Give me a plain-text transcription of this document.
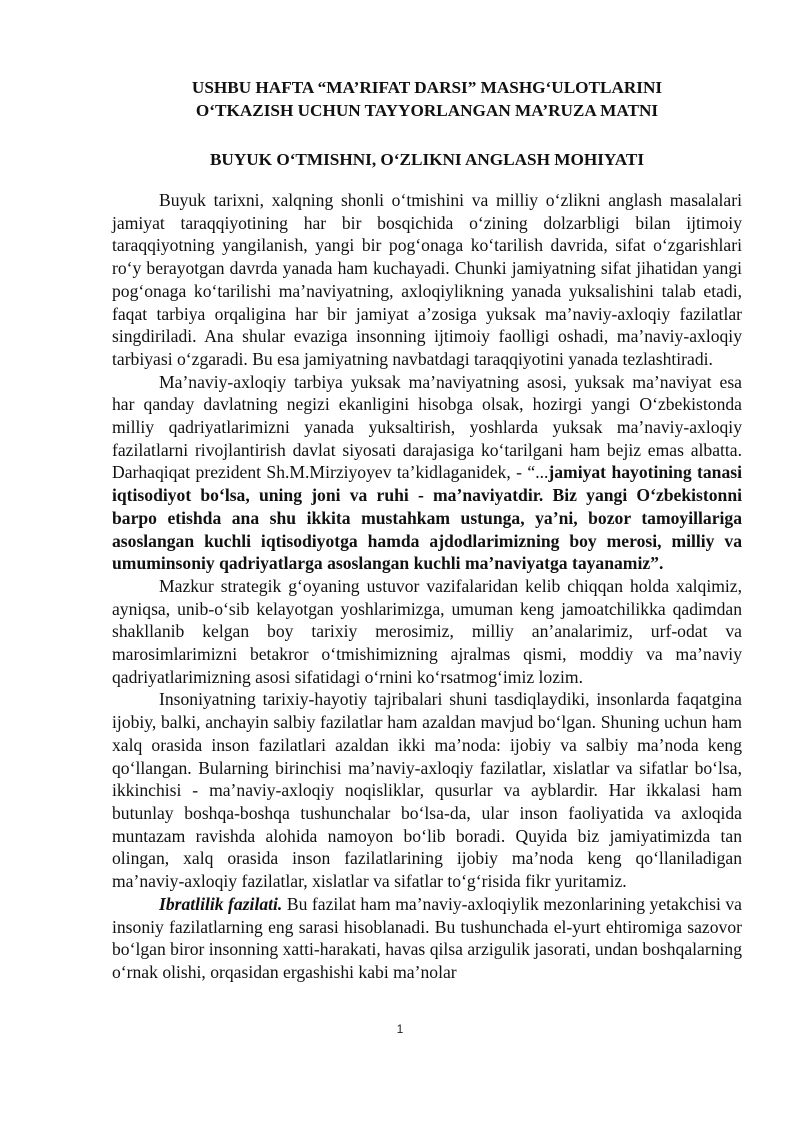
USHBU HAFTA “MA’RIFAT DARSI” MASHG‘ULOTLARINI
O‘TKAZISH UCHUN TAYYORLANGAN MA’RUZA MATNI
BUYUK O‘TMISHNI, O‘ZLIKNI ANGLASH MOHIYATI

Buyuk tarixni, xalqning shonli o‘tmishini va milliy o‘zlikni anglash masalalari jamiyat taraqqiyotining har bir bosqichida o‘zining dolzarbligi bilan ijtimoiy taraqqiyotning yangilanish, yangi bir pog‘onaga ko‘tarilish davrida, sifat o‘zgarishlari ro‘y berayotgan davrda yanada ham kuchayadi. Chunki jamiyatning sifat jihatidan yangi pog‘onaga ko‘tarilishi ma’naviyatning, axloqiylikning yanada yuksalishini talab etadi, faqat tarbiya orqaligina har bir jamiyat a’zosiga yuksak ma’naviy-axloqiy fazilatlar singdiriladi. Ana shular evaziga insonning ijtimoiy faolligi oshadi, ma’naviy-axloqiy tarbiyasi o‘zgaradi. Bu esa jamiyatning navbatdagi taraqqiyotini yanada tezlashtiradi.

Ma’naviy-axloqiy tarbiya yuksak ma’naviyatning asosi, yuksak ma’naviyat esa har qanday davlatning negizi ekanligini hisobga olsak, hozirgi yangi O‘zbekistonda milliy qadriyatlarimizni yanada yuksaltirish, yoshlarda yuksak ma’naviy-axloqiy fazilatlarni rivojlantirish davlat siyosati darajasiga ko‘tarilgani ham bejiz emas albatta. Darhaqiqat prezident Sh.M.Mirziyoyev ta’kidlaganidek, - “...jamiyat hayotining tanasi iqtisodiyot bo‘lsa, uning joni va ruhi - ma’naviyatdir. Biz yangi O‘zbekistonni barpo etishda ana shu ikkita mustahkam ustunga, ya’ni, bozor tamoyillariga asoslangan kuchli iqtisodiyotga hamda ajdodlarimizning boy merosi, milliy va umuminsoniy qadriyatlarga asoslangan kuchli ma’naviyatga tayanamiz”.

Mazkur strategik g‘oyaning ustuvor vazifalaridan kelib chiqqan holda xalqimiz, ayniqsa, unib-o‘sib kelayotgan yoshlarimizga, umuman keng jamoatchilikka qadimdan shakllanib kelgan boy tarixiy merosimiz, milliy an’analarimiz, urf-odat va marosimlarimizni betakror o‘tmishimizning ajralmas qismi, moddiy va ma’naviy qadriyatlarimizning asosi sifatidagi o‘rnini ko‘rsatmog‘imiz lozim.

Insoniyatning tarixiy-hayotiy tajribalari shuni tasdiqlaydiki, insonlarda faqatgina ijobiy, balki, anchayin salbiy fazilatlar ham azaldan mavjud bo‘lgan. Shuning uchun ham xalq orasida inson fazilatlari azaldan ikki ma’noda: ijobiy va salbiy ma’noda keng qo‘llangan. Bularning birinchisi ma’naviy-axloqiy fazilatlar, xislatlar va sifatlar bo‘lsa, ikkinchisi - ma’naviy-axloqiy noqisliklar, qusurlar va ayblardir. Har ikkalasi ham butunlay boshqa-boshqa tushunchalar bo‘lsa-da, ular inson faoliyatida va axloqida muntazam ravishda alohida namoyon bo‘lib boradi. Quyida biz jamiyatimizda tan olingan, xalq orasida inson fazilatlarining ijobiy ma’noda keng qo‘llaniladigan ma’naviy-axloqiy fazilatlar, xislatlar va sifatlar to‘g‘risida fikr yuritamiz.

Ibratlilik fazilati. Bu fazilat ham ma’naviy-axloqiylik mezonlarining yetakchisi va insoniy fazilatlarning eng sarasi hisoblanadi. Bu tushunchada el-yurt ehtiromiga sazovor bo‘lgan biror insonning xatti-harakati, havas qilsa arzigulik jasorati, undan boshqalarning o‘rnak olishi, orqasidan ergashishi kabi ma’nolar

1
